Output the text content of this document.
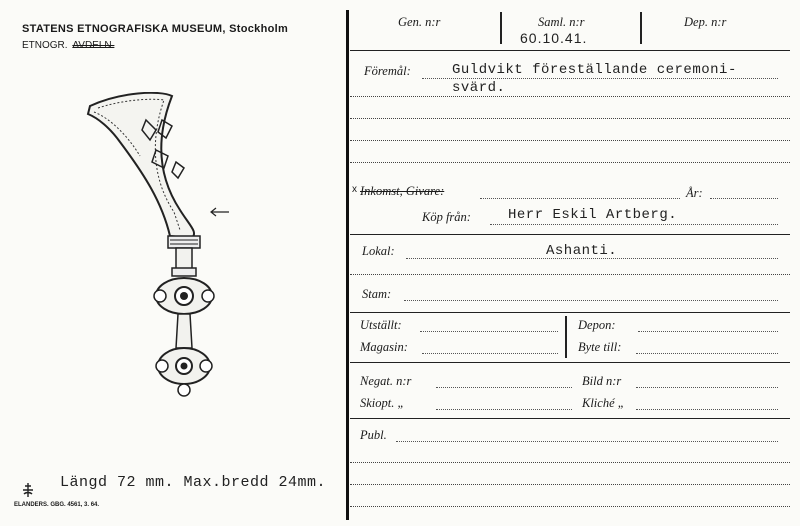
STATENS ETNOGRAFISKA MUSEUM, Stockholm
ETNOGR. AVDELN.
Längd 72 mm. Max.bredd 24mm.
ELANDERS. GBG. 4561, 3. 64.
Gen. n:r	Saml. n:r
60.10.41.
Dep. n:r
Föremål:	Guldvikt föreställande ceremoni-
svärd.
x Inkomst, Givare:	År:
Köp från:	Herr Eskil Artberg.
Lokal:	Ashanti.
Stam:
Utställt:
Magasin:
Depon:
Byte till:
Negat. n:r	Bild n:r
Skiopt. „	Kliché „
Publ.
